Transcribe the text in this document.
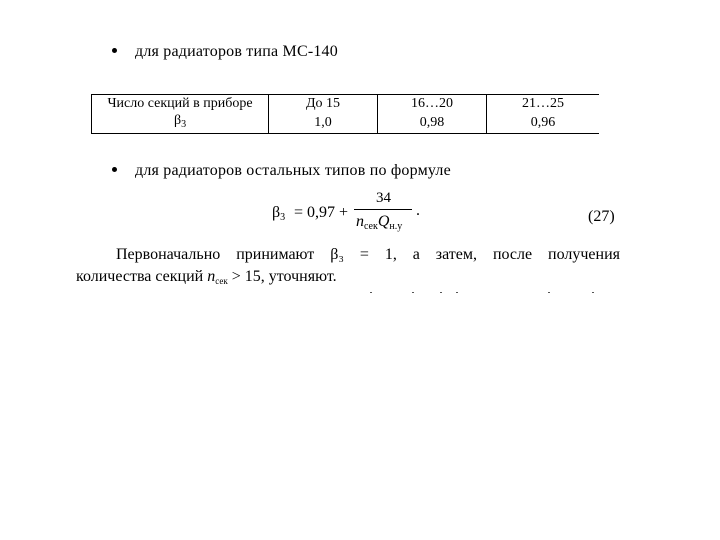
для радиаторов типа МС-140
Число секций в приборе	До 15	16…20	21…25
$\beta_3$	1,0	0,98	0,96
для радиаторов остальных типов по формуле
$\beta_3 = 0,97$ +
34
$n_{сек}Q_{н.у}$
.	(27)
Первоначально принимают β₃ = 1, а затем, после получения
количества секций nсек > 15, уточняют.
